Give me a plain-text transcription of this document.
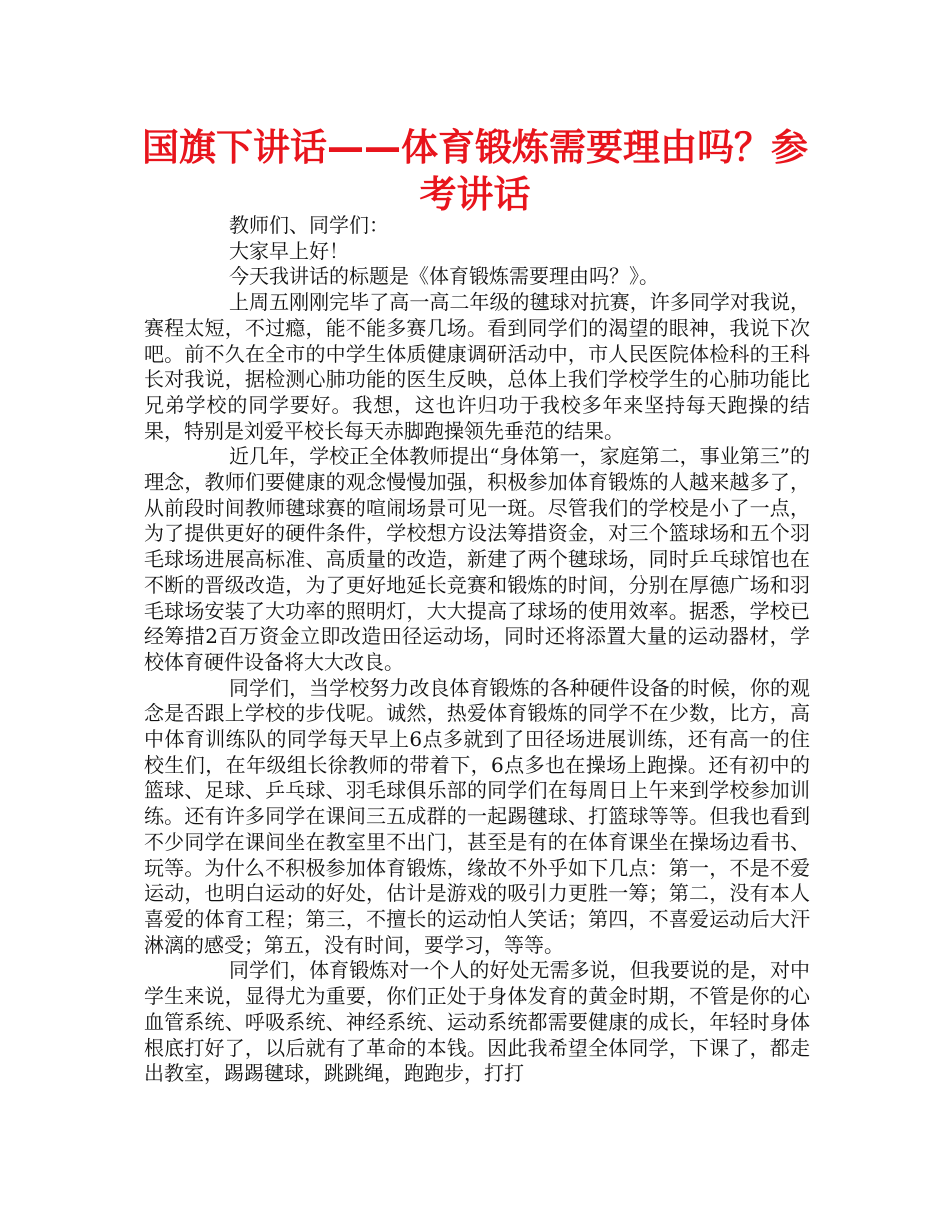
国旗下讲话——体育锻炼需要理由吗？参考讲话

教师们、同学们：

大家早上好！

今天我讲话的标题是《体育锻炼需要理由吗？》。

上周五刚刚完毕了高一高二年级的毽球对抗赛，许多同学对我说，赛程太短，不过瘾，能不能多赛几场。看到同学们的渴望的眼神，我说下次吧。前不久在全市的中学生体质健康调研活动中，市人民医院体检科的王科长对我说，据检测心肺功能的医生反映，总体上我们学校学生的心肺功能比兄弟学校的同学要好。我想，这也许归功于我校多年来坚持每天跑操的结果，特别是刘爱平校长每天赤脚跑操领先垂范的结果。

近几年，学校正全体教师提出“身体第一，家庭第二，事业第三”的理念，教师们要健康的观念慢慢加强，积极参加体育锻炼的人越来越多了，从前段时间教师毽球赛的喧闹场景可见一斑。尽管我们的学校是小了一点，为了提供更好的硬件条件，学校想方设法筹措资金，对三个篮球场和五个羽毛球场进展高标准、高质量的改造，新建了两个毽球场，同时乒乓球馆也在不断的晋级改造，为了更好地延长竞赛和锻炼的时间，分别在厚德广场和羽毛球场安装了大功率的照明灯，大大提高了球场的使用效率。据悉，学校已经筹措2百万资金立即改造田径运动场，同时还将添置大量的运动器材，学校体育硬件设备将大大改良。

同学们，当学校努力改良体育锻炼的各种硬件设备的时候，你的观念是否跟上学校的步伐呢。诚然，热爱体育锻炼的同学不在少数，比方，高中体育训练队的同学每天早上6点多就到了田径场进展训练，还有高一的住校生们，在年级组长徐教师的带着下，6点多也在操场上跑操。还有初中的篮球、足球、乒乓球、羽毛球俱乐部的同学们在每周日上午来到学校参加训练。还有许多同学在课间三五成群的一起踢毽球、打篮球等等。但我也看到不少同学在课间坐在教室里不出门，甚至是有的在体育课坐在操场边看书、玩等。为什么不积极参加体育锻炼，缘故不外乎如下几点：第一，不是不爱运动，也明白运动的好处，估计是游戏的吸引力更胜一筹；第二，没有本人喜爱的体育工程；第三，不擅长的运动怕人笑话；第四，不喜爱运动后大汗淋漓的感受；第五，没有时间，要学习，等等。

同学们，体育锻炼对一个人的好处无需多说，但我要说的是，对中学生来说，显得尤为重要，你们正处于身体发育的黄金时期，不管是你的心血管系统、呼吸系统、神经系统、运动系统都需要健康的成长，年轻时身体根底打好了，以后就有了革命的本钱。因此我希望全体同学，下课了，都走出教室，踢踢毽球，跳跳绳，跑跑步，打打
